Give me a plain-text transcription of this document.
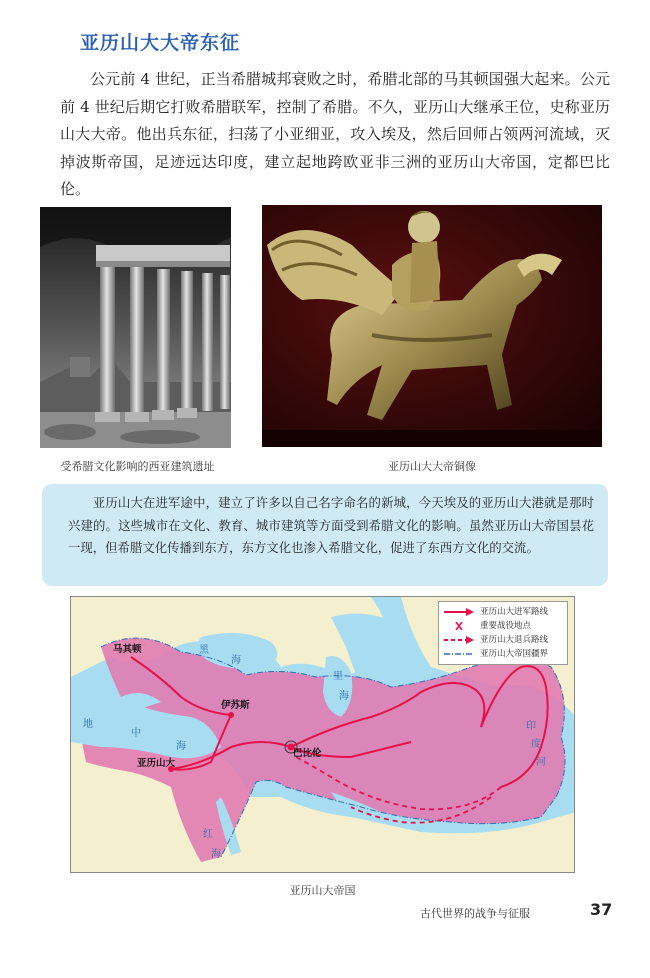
亚历山大大帝东征

公元前 4 世纪，正当希腊城邦衰败之时，希腊北部的马其顿国强大起来。公元前 4 世纪后期它打败希腊联军，控制了希腊。不久，亚历山大继承王位，史称亚历山大大帝。他出兵东征，扫荡了小亚细亚，攻入埃及，然后回师占领两河流域，灭掉波斯帝国，足迹远达印度，建立起地跨欧亚非三洲的亚历山大帝国，定都巴比伦。

受希腊文化影响的西亚建筑遗址	亚历山大大帝铜像
亚历山大在进军途中，建立了许多以自己名字命名的新城，今天埃及的亚历山大港就是那时兴建的。这些城市在文化、教育、城市建筑等方面受到希腊文化的影响。虽然亚历山大帝国昙花一现，但希腊文化传播到东方，东方文化也渗入希腊文化，促进了东西方文化的交流。
亚历山大进军路线
重要战役地点
亚历山大退兵路线
亚历山大帝国疆界
马其顿
伊苏斯
亚历山大
巴比伦
黑
海
地
中
海
红
海
里
海
印
度
河
亚历山大帝国
古代世界的战争与征服	37
